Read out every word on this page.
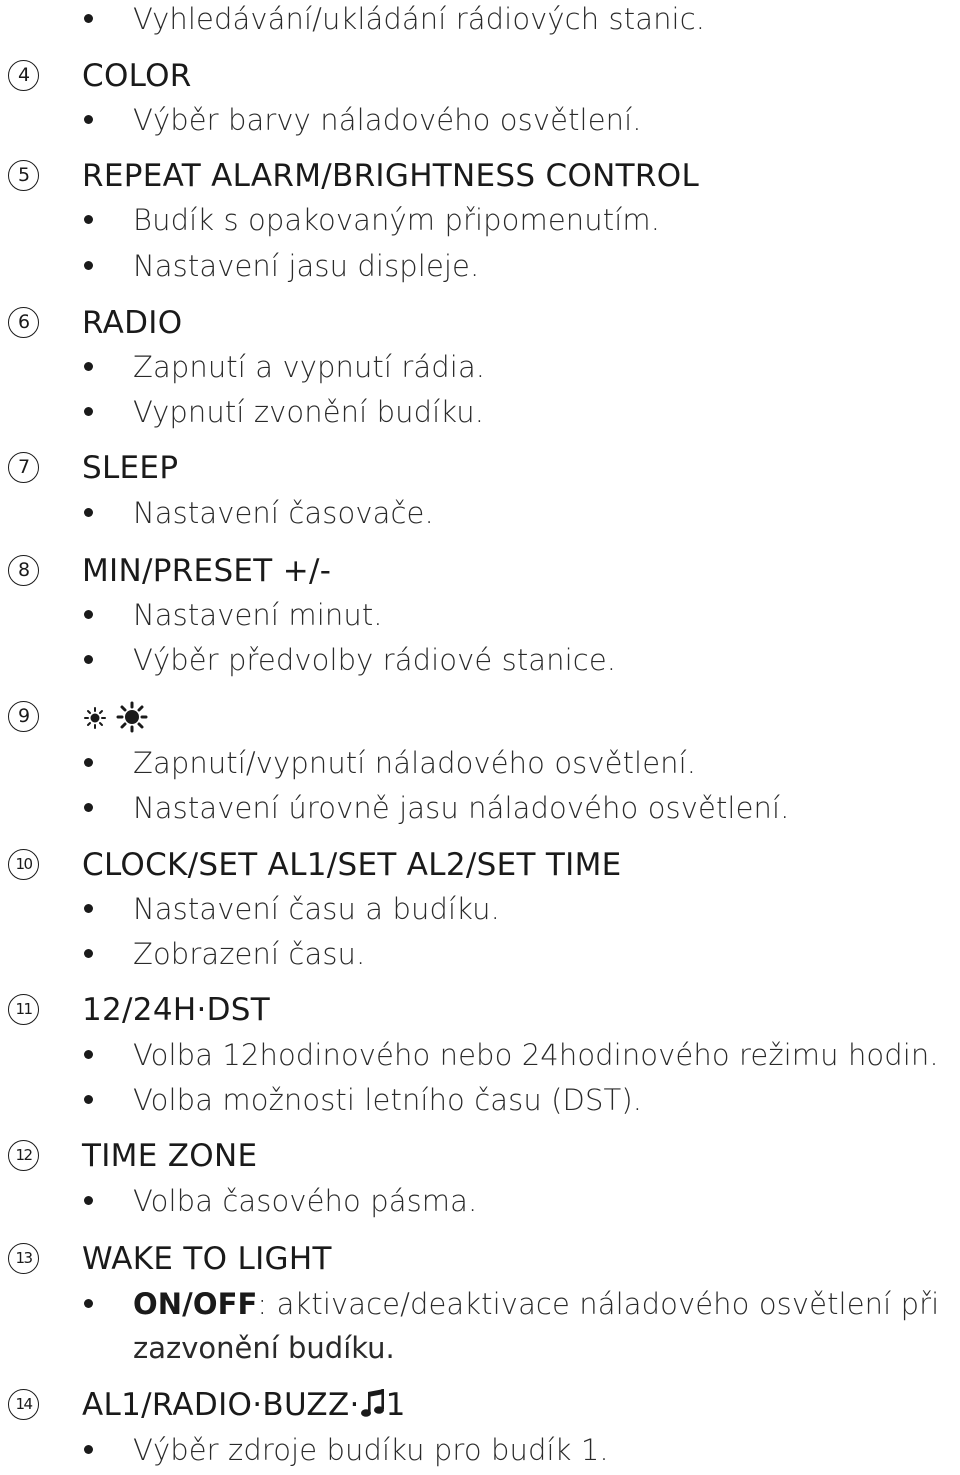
Vyhledávání/ukládání rádiových stanic.
4	COLOR
Výběr barvy náladového osvětlení.
5	REPEAT ALARM/BRIGHTNESS CONTROL
Budík s opakovaným připomenutím.
Nastavení jasu displeje.
6	RADIO
Zapnutí a vypnutí rádia.
Vypnutí zvonění budíku.
7	SLEEP
Nastavení časovače.
8	MIN/PRESET +/-
Nastavení minut.
Výběr předvolby rádiové stanice.
9
Zapnutí/vypnutí náladového osvětlení.
Nastavení úrovně jasu náladového osvětlení.
10 CLOCK/SET AL1/SET AL2/SET TIME
Nastavení času a budíku.
Zobrazení času.
11 12/24H·DST
Volba 12hodinového nebo 24hodinového režimu hodin.
Volba možnosti letního času (DST).
12 TIME ZONE
Volba časového pásma.
13 WAKE TO LIGHT
ON/OFF: aktivace/deaktivace náladového osvětlení při
zazvonění budíku.
14 AL1/RADIO·BUZZ· 1
Výběr zdroje budíku pro budík 1.
